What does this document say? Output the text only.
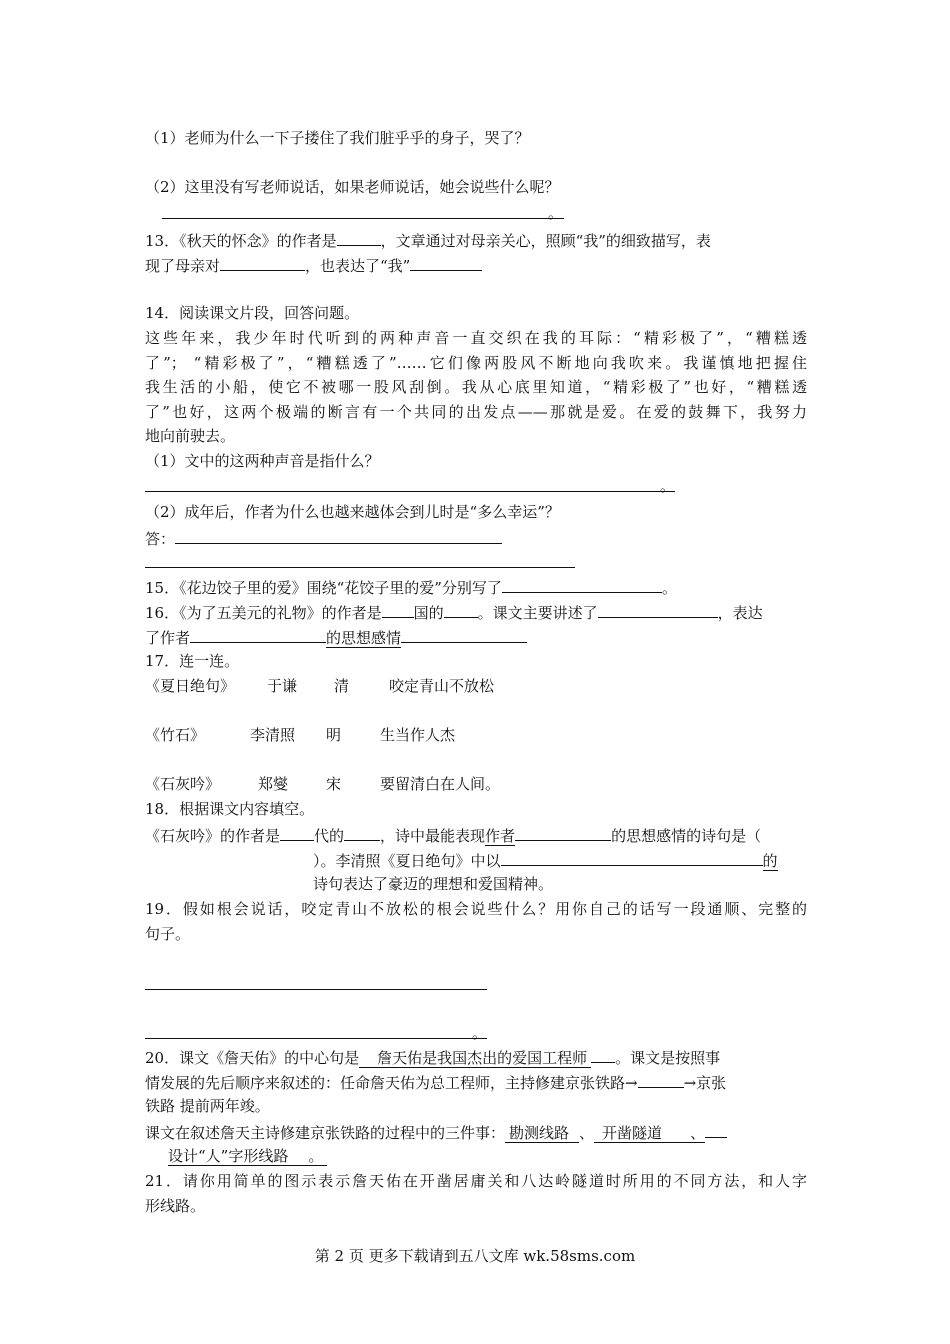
（1）老师为什么一下子搂住了我们脏乎乎的身子，哭了？
（2）这里没有写老师说话，如果老师说话，她会说些什么呢？
。
13．《秋天的怀念》的作者是	，文章通过对母亲关心，照顾“我”的细致描写，表
现了母亲对	，也表达了“我”
14．阅读课文片段，回答问题。
这些年来，我少年时代听到的两种声音一直交织在我的耳际：“精彩极了”，“糟糕透
了”； “精彩极了”，“糟糕透了”……它们像两股风不断地向我吹来。我谨慎地把握住
我生活的小船，使它不被哪一股风刮倒。我从心底里知道，“精彩极了”也好，“糟糕透
了”也好，这两个极端的断言有一个共同的出发点——那就是爱。在爱的鼓舞下，我努力
地向前驶去。
（1）文中的这两种声音是指什么？
。
（2）成年后，作者为什么也越来越体会到儿时是“多么幸运”？
答：
15．《花边饺子里的爱》围绕“花饺子里的爱”分别写了	。
16．《为了五美元的礼物》的作者是 国的 。课文主要讲述了	，表达
了作者	的思想感情
17．连一连。
《夏日绝句》 于谦 清	咬定青山不放松
《竹石》	李清照 明	生当作人杰
《石灰吟》	郑燮	宋	要留清白在人间。
18．根据课文内容填空。
《石灰吟》的作者是 代的 ，诗中最能表现作者	的思想感情的诗句是（
）。李清照《夏日绝句》中以	的
诗句表达了豪迈的理想和爱国精神。
19．假如根会说话，咬定青山不放松的根会说些什么？用你自己的话写一段通顺、完整的
句子。
。
20．课文《詹天佑》的中心句是 詹天佑是我国杰出的爱国工程师 。课文是按照事
情发展的先后顺序来叙述的：任命詹天佑为总工程师，主持修建京张铁路→	→京张
铁路 提前两年竣。
课文在叙述詹天主诗修建京张铁路的过程中的三件事： 勘测线路 、 开凿隧道 、
设计“人”字形线路 。
21．请你用简单的图示表示詹天佑在开凿居庸关和八达岭隧道时所用的不同方法，和人字
形线路。
第 2 页 更多下载请到五八文库 wk.58sms.com
